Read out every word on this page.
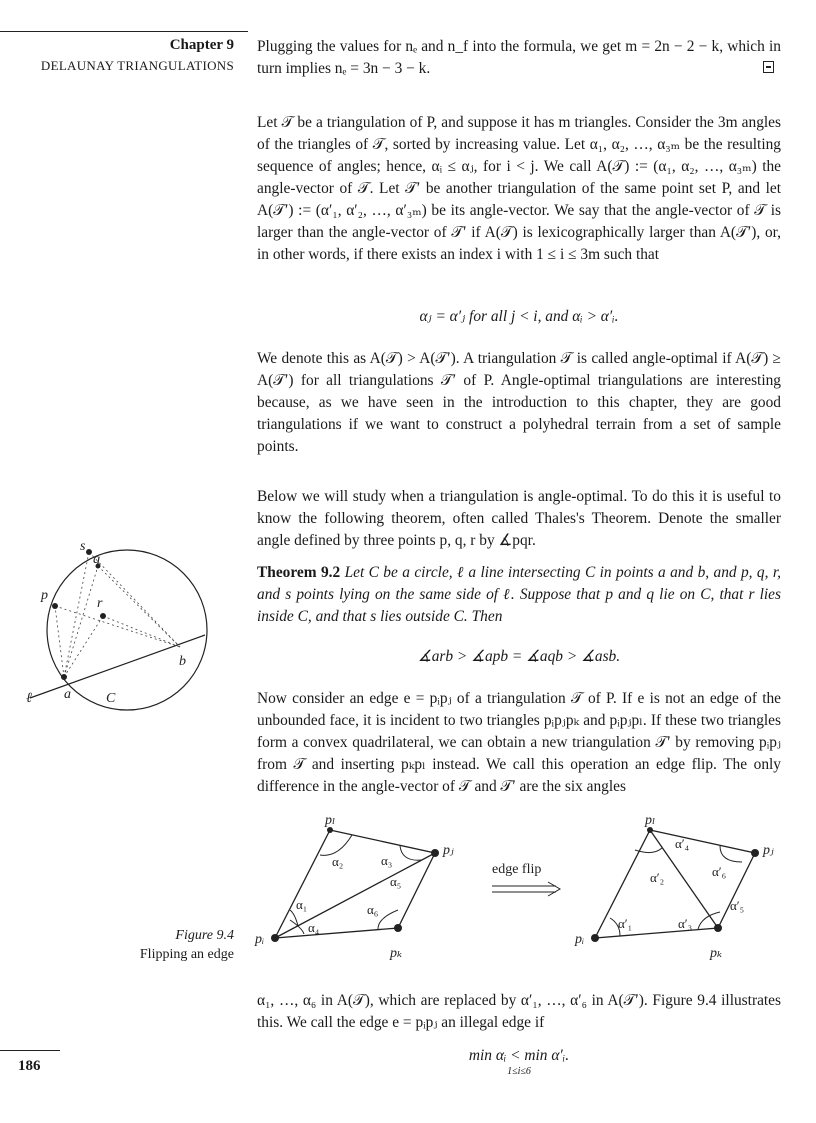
Chapter 9
DELAUNAY TRIANGULATIONS

Plugging the values for nₑ and n_f into the formula, we get m = 2n − 2 − k, which in turn implies nₑ = 3n − 3 − k.

Let 𝒯 be a triangulation of P, and suppose it has m triangles. Consider the 3m angles of the triangles of 𝒯, sorted by increasing value. Let α₁, α₂, …, α₃ₘ be the resulting sequence of angles; hence, αᵢ ≤ αⱼ, for i < j. We call A(𝒯) := (α₁, α₂, …, α₃ₘ) the angle-vector of 𝒯. Let 𝒯′ be another triangulation of the same point set P, and let A(𝒯′) := (α′₁, α′₂, …, α′₃ₘ) be its angle-vector. We say that the angle-vector of 𝒯 is larger than the angle-vector of 𝒯′ if A(𝒯) is lexicographically larger than A(𝒯′), or, in other words, if there exists an index i with 1 ≤ i ≤ 3m such that

αⱼ = α′ⱼ for all j < i, and αᵢ > α′ᵢ.

We denote this as A(𝒯) > A(𝒯′). A triangulation 𝒯 is called angle-optimal if A(𝒯) ≥ A(𝒯′) for all triangulations 𝒯′ of P. Angle-optimal triangulations are interesting because, as we have seen in the introduction to this chapter, they are good triangulations if we want to construct a polyhedral terrain from a set of sample points.

Below we will study when a triangulation is angle-optimal. To do this it is useful to know the following theorem, often called Thales's Theorem. Denote the smaller angle defined by three points p, q, r by ∡pqr.

Theorem 9.2 Let C be a circle, ℓ a line intersecting C in points a and b, and p, q, r, and s points lying on the same side of ℓ. Suppose that p and q lie on C, that r lies inside C, and that s lies outside C. Then

∡arb > ∡apb = ∡aqb > ∡asb.

Now consider an edge e = pᵢpⱼ of a triangulation 𝒯 of P. If e is not an edge of the unbounded face, it is incident to two triangles pᵢpⱼpₖ and pᵢpⱼpₗ. If these two triangles form a convex quadrilateral, we can obtain a new triangulation 𝒯′ by removing pᵢpⱼ from 𝒯 and inserting pₖpₗ instead. We call this operation an edge flip. The only difference in the angle-vector of 𝒯 and 𝒯′ are the six angles

α₁, …, α₆ in A(𝒯), which are replaced by α′₁, …, α′₆ in A(𝒯′). Figure 9.4 illustrates this. We call the edge e = pᵢpⱼ an illegal edge if

min αᵢ < min α′ᵢ.

1≤i≤6

s
q
p
r
b
ℓ a	C
pₗ
pⱼ
pᵢ
pₖ
α₂	α₃
α₅
α₁	α₆
α₄
edge flip
pₗ
pⱼ
pᵢ
pₖ
α′₄
α′₆
α′₂
α′₅
α′₁	α′₃
Figure 9.4
Flipping an edge
186
